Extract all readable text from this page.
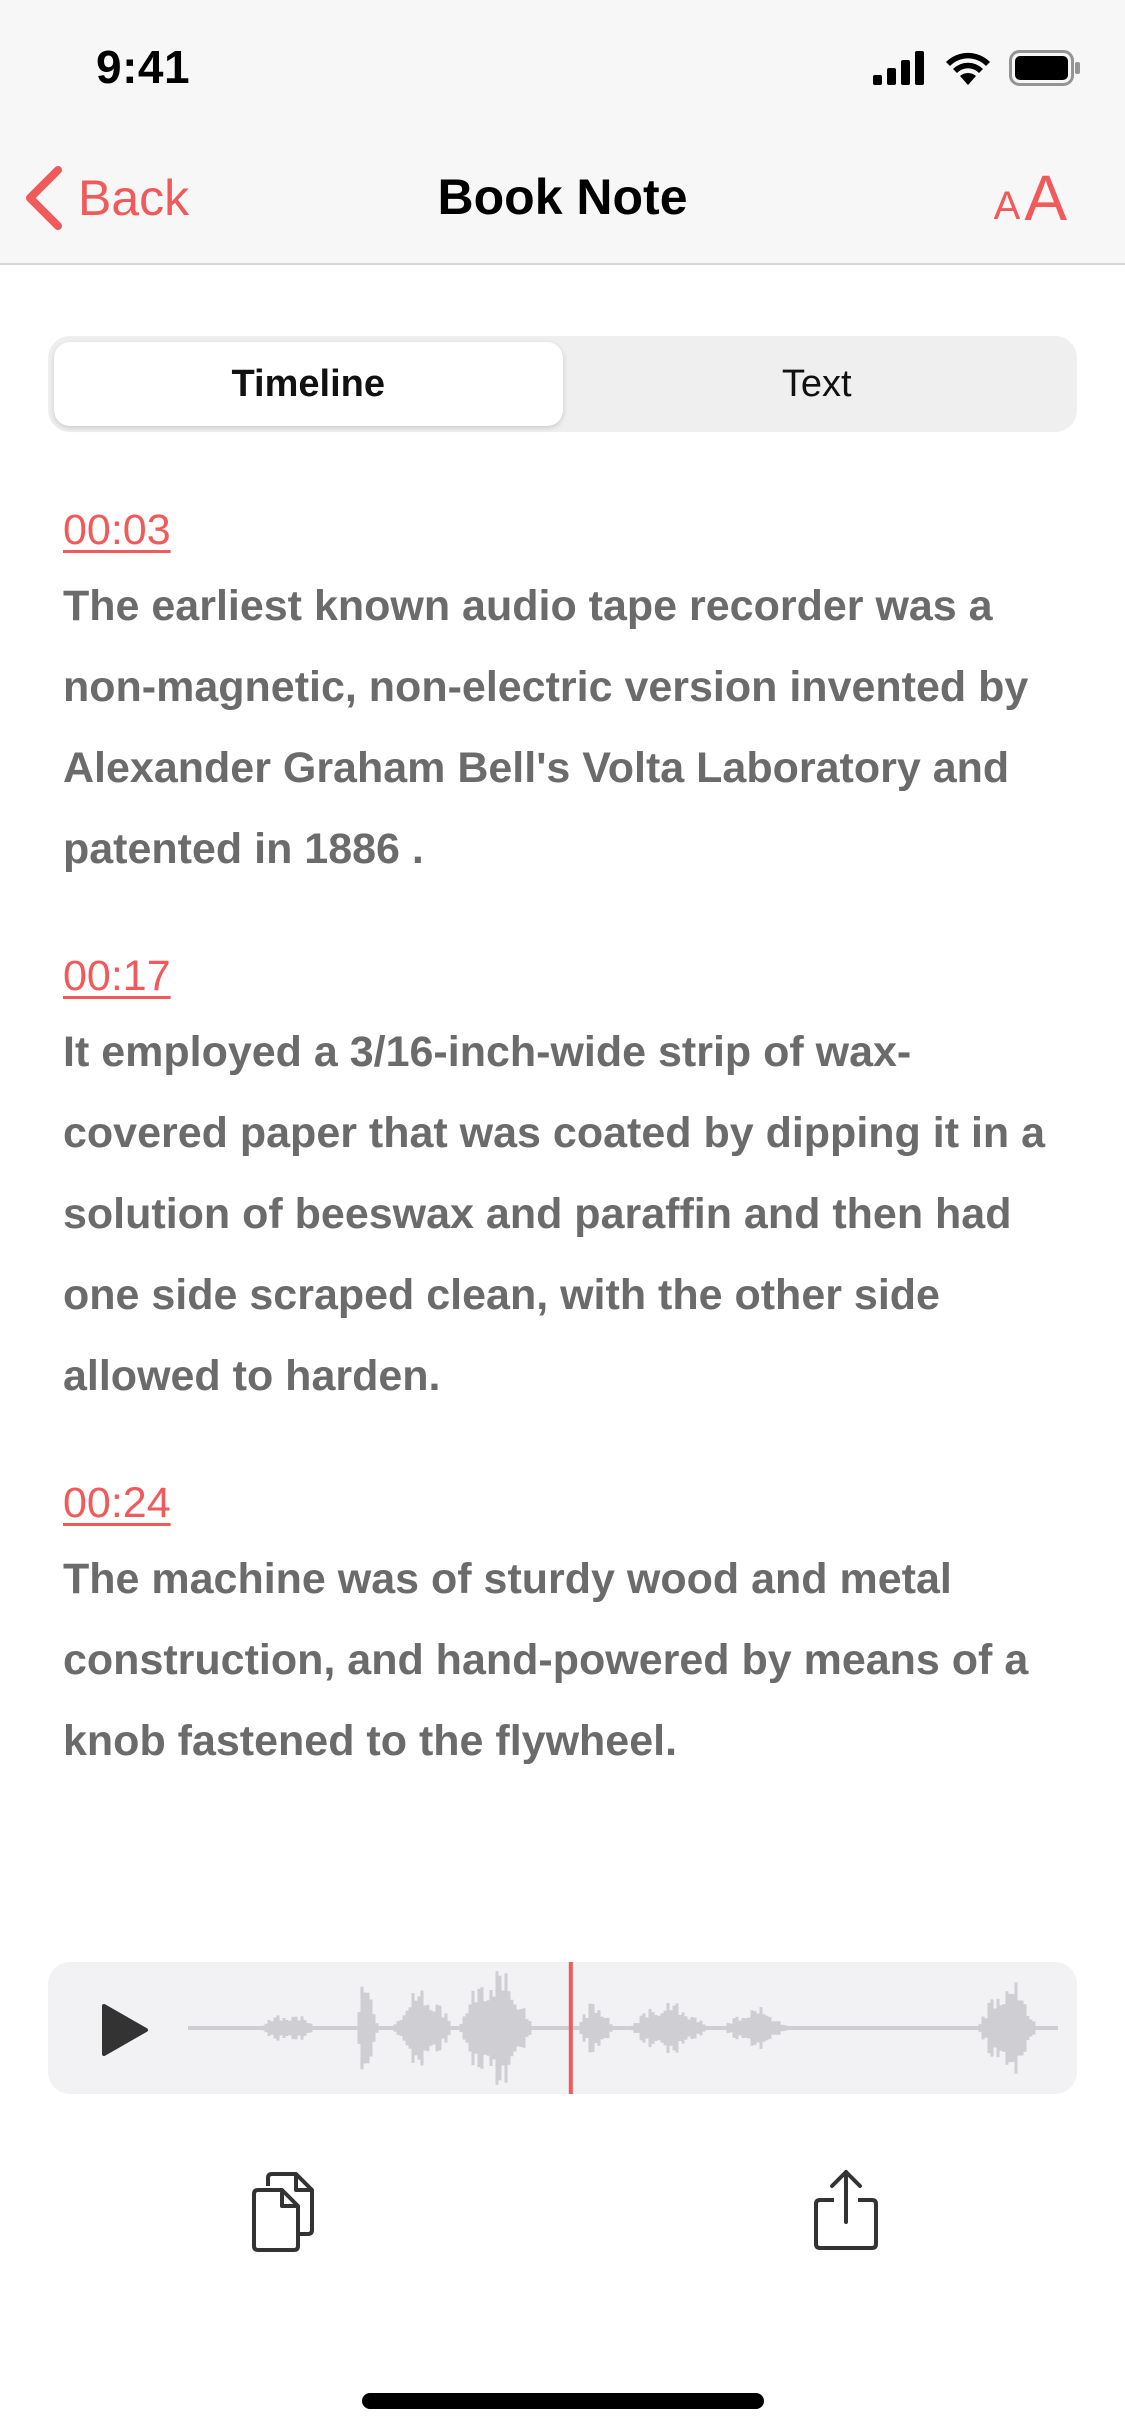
9:41
Back	Book Note	A A
Timeline	Text
00:03

The earliest known audio tape recorder was a non-magnetic, non-electric version invented by Alexander Graham Bell's Volta Laboratory and patented in 1886 .

00:17

It employed a 3/16-inch-wide strip of wax-covered paper that was coated by dipping it in a solution of beeswax and paraffin and then had one side scraped clean, with the other side allowed to harden.

00:24

The machine was of sturdy wood and metal construction, and hand-powered by means of a knob fastened to the flywheel.
